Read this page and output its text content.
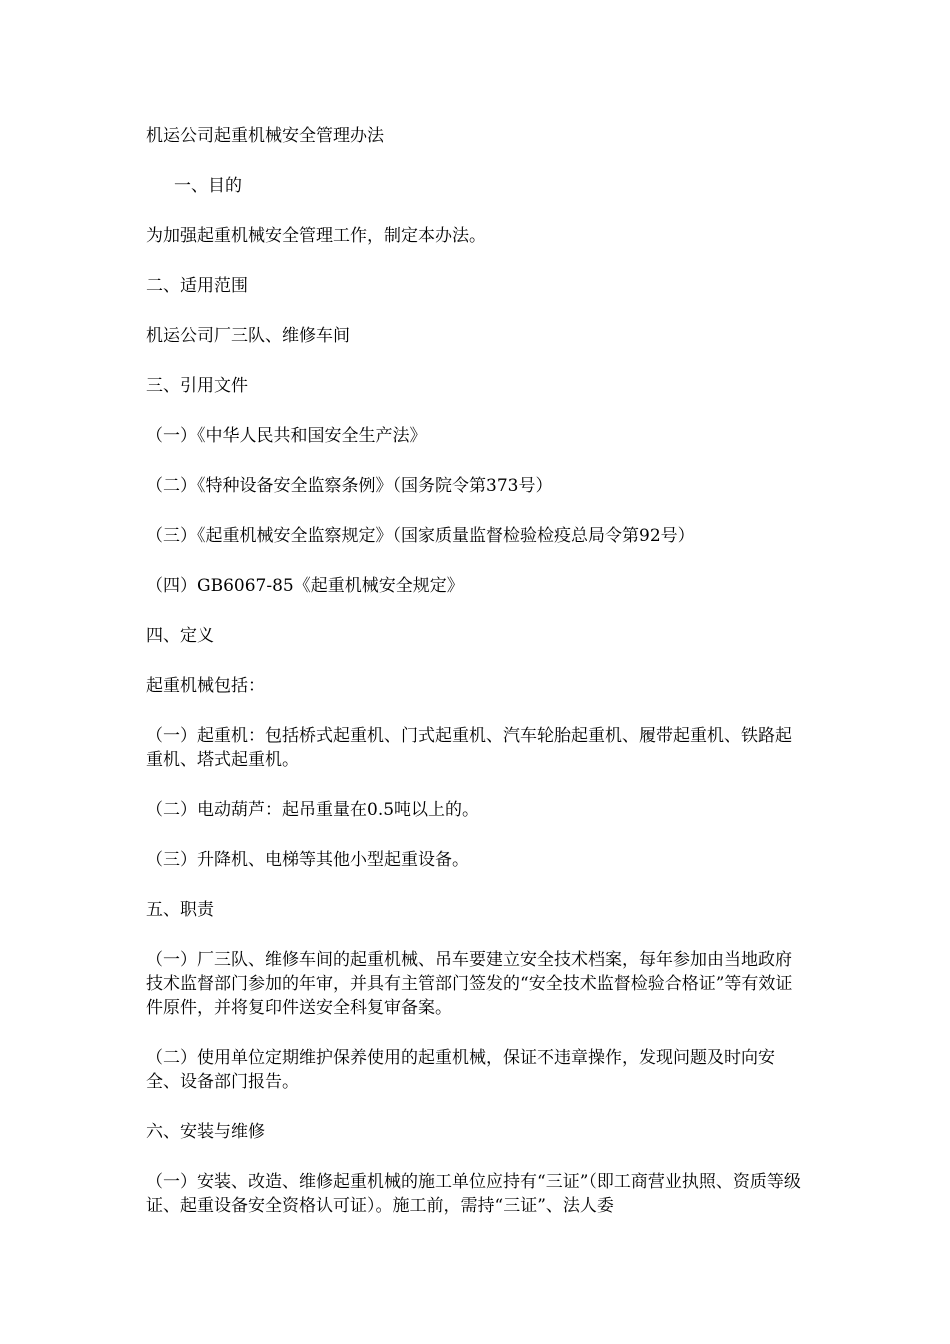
机运公司起重机械安全管理办法

一、目的

为加强起重机械安全管理工作，制定本办法。

二、适用范围

机运公司厂三队、维修车间

三、引用文件

（一）《中华人民共和国安全生产法》

（二）《特种设备安全监察条例》（国务院令第373号）

（三）《起重机械安全监察规定》（国家质量监督检验检疫总局令第92号）

（四）GB6067-85《起重机械安全规定》

四、定义

起重机械包括：

（一）起重机：包括桥式起重机、门式起重机、汽车轮胎起重机、履带起重机、铁路起重机、塔式起重机。

（二）电动葫芦：起吊重量在0.5吨以上的。

（三）升降机、电梯等其他小型起重设备。

五、职责

（一）厂三队、维修车间的起重机械、吊车要建立安全技术档案，每年参加由当地政府技术监督部门参加的年审，并具有主管部门签发的“安全技术监督检验合格证”等有效证件原件，并将复印件送安全科复审备案。

（二）使用单位定期维护保养使用的起重机械，保证不违章操作，发现问题及时向安全、设备部门报告。

六、安装与维修

（一）安装、改造、维修起重机械的施工单位应持有“三证”（即工商营业执照、资质等级证、起重设备安全资格认可证）。施工前，需持“三证”、法人委
